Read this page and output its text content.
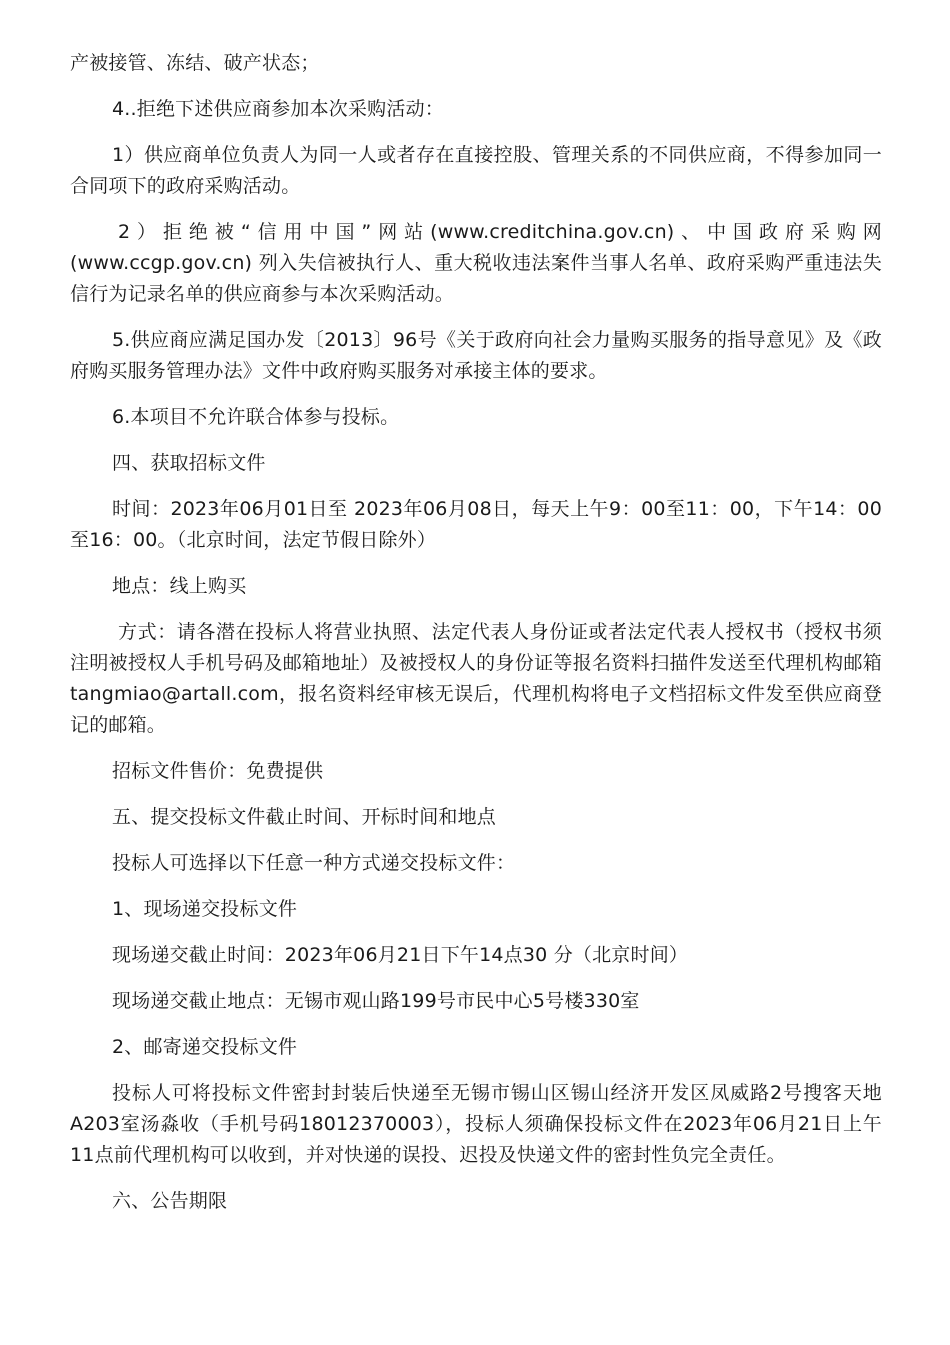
产被接管、冻结、破产状态；

4..拒绝下述供应商参加本次采购活动：

1）供应商单位负责人为同一人或者存在直接控股、管理关系的不同供应商，不得参加同一合同项下的政府采购活动。

2）拒绝被“信用中国”网站(www.creditchina.gov.cn)、中国政府采购网(www.ccgp.gov.cn) 列入失信被执行人、重大税收违法案件当事人名单、政府采购严重违法失信行为记录名单的供应商参与本次采购活动。

5.供应商应满足国办发〔2013〕96号《关于政府向社会力量购买服务的指导意见》及《政府购买服务管理办法》文件中政府购买服务对承接主体的要求。

6.本项目不允许联合体参与投标。

四、获取招标文件

时间：2023年06月01日至 2023年06月08日，每天上午9：00至11：00，下午14：00　至16：00。（北京时间，法定节假日除外）

地点：线上购买

方式：请各潜在投标人将营业执照、法定代表人身份证或者法定代表人授权书（授权书须注明被授权人手机号码及邮箱地址）及被授权人的身份证等报名资料扫描件发送至代理机构邮箱tangmiao@artall.com，报名资料经审核无误后，代理机构将电子文档招标文件发至供应商登记的邮箱。

招标文件售价：免费提供

五、提交投标文件截止时间、开标时间和地点

投标人可选择以下任意一种方式递交投标文件：

1、现场递交投标文件

现场递交截止时间：2023年06月21日下午14点30 分（北京时间）

现场递交截止地点：无锡市观山路199号市民中心5号楼330室

2、邮寄递交投标文件

投标人可将投标文件密封封装后快递至无锡市锡山区锡山经济开发区凤威路2号搜客天地A203室汤淼收（手机号码18012370003），投标人须确保投标文件在2023年06月21日上午11点前代理机构可以收到，并对快递的误投、迟投及快递文件的密封性负完全责任。

六、公告期限
